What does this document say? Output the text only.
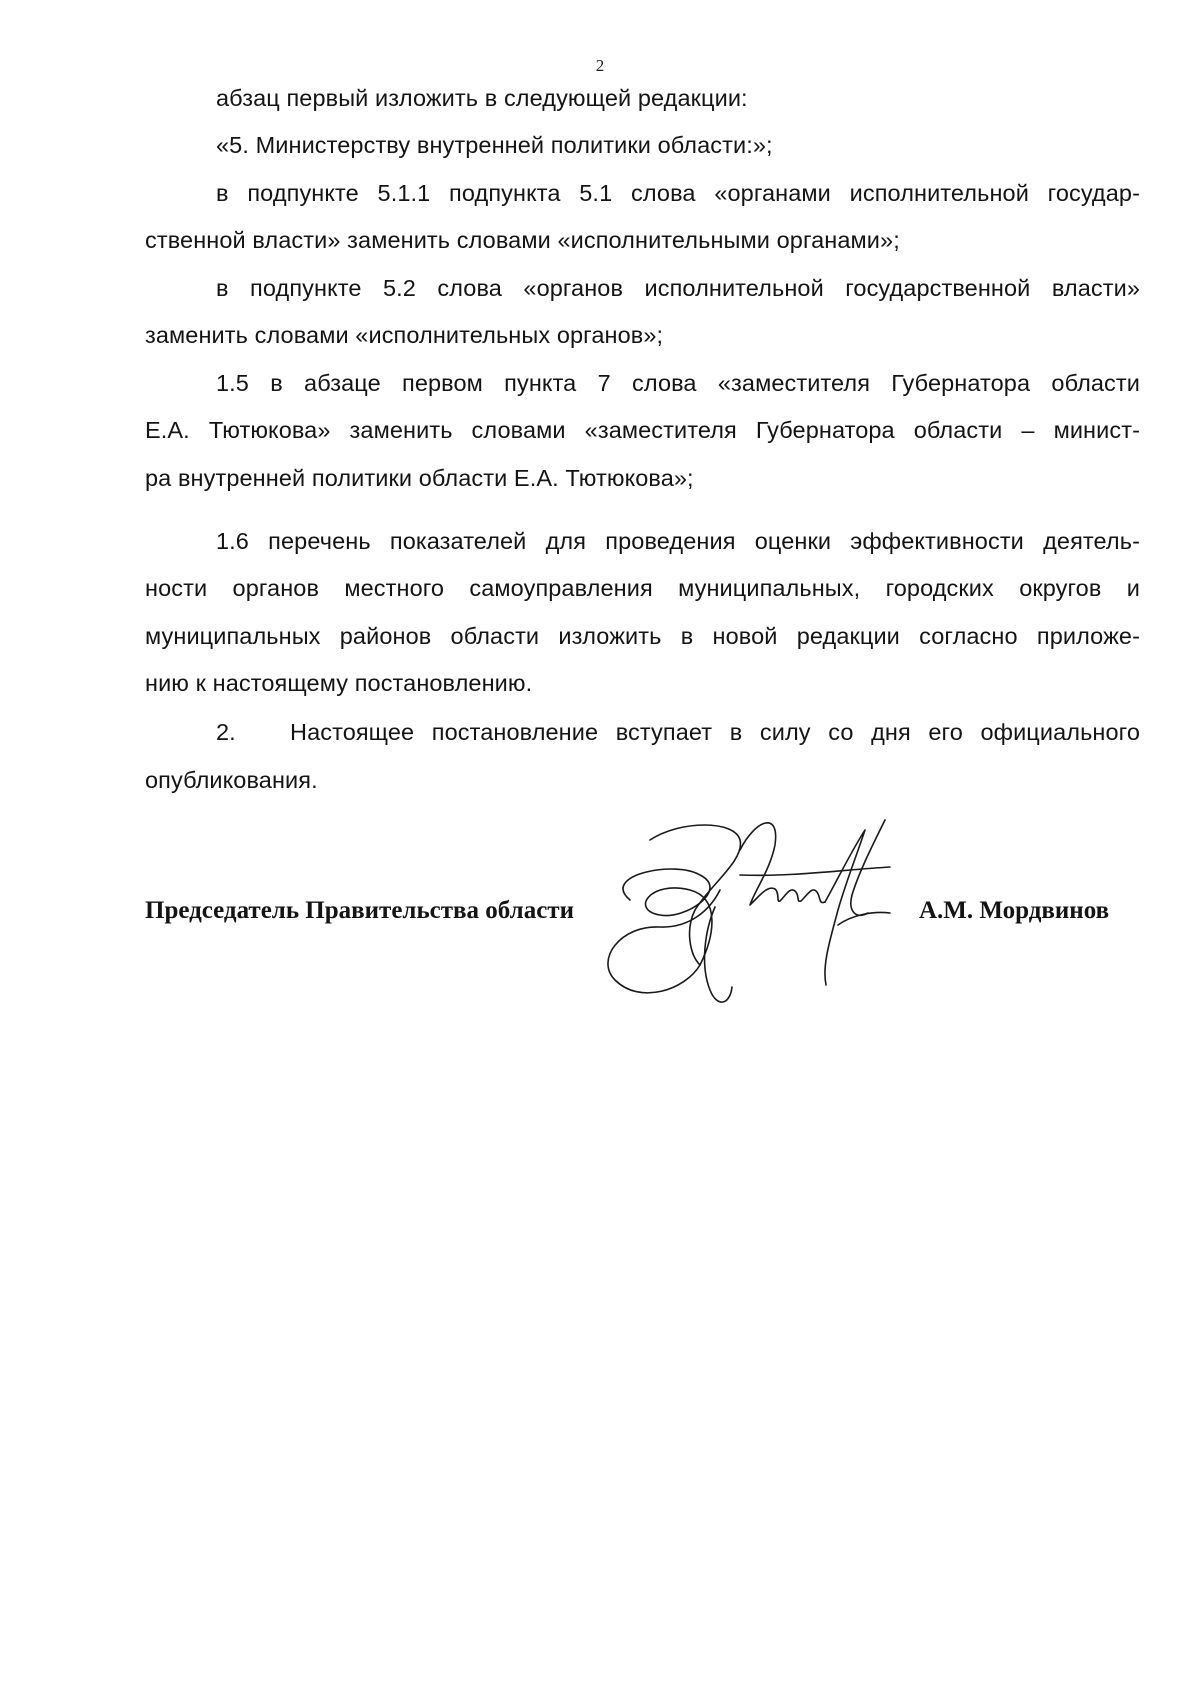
2
абзац первый изложить в следующей редакции:
«5. Министерству внутренней политики области:»;
в подпункте 5.1.1 подпункта 5.1 слова «органами исполнительной государ-
ственной власти» заменить словами «исполнительными органами»;
в подпункте 5.2 слова «органов исполнительной государственной власти»
заменить словами «исполнительных органов»;
1.5 в абзаце первом пункта 7 слова «заместителя Губернатора области
Е.А. Тютюкова» заменить словами «заместителя Губернатора области – минист-
ра внутренней политики области Е.А. Тютюкова»;
1.6 перечень показателей для проведения оценки эффективности деятель-
ности органов местного самоуправления муниципальных, городских округов и
муниципальных районов области изложить в новой редакции согласно приложе-
нию к настоящему постановлению.
2. Настоящее постановление вступает в силу со дня его официального
опубликования.
Председатель Правительства области	А.М. Мордвинов
